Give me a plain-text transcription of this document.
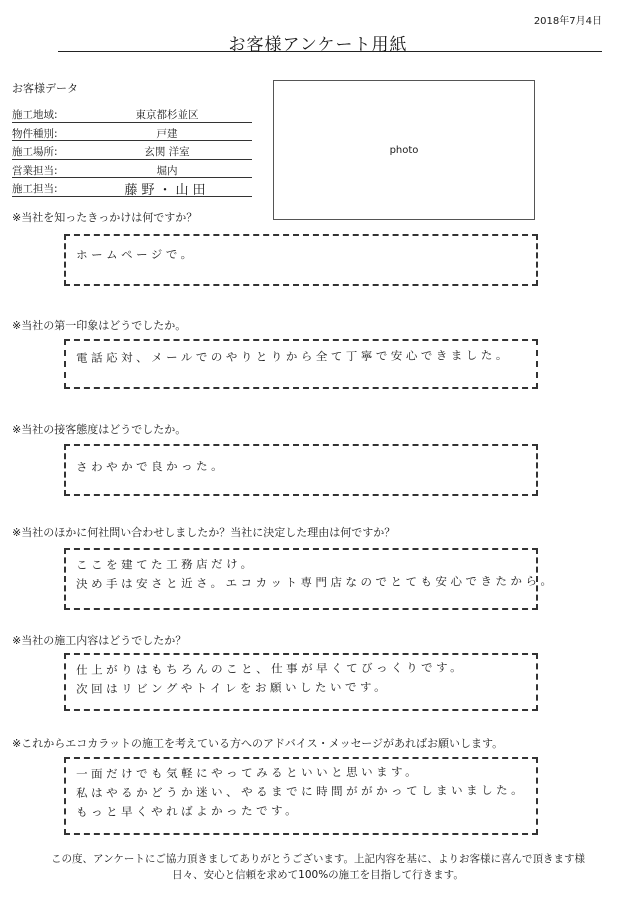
2018年7月4日
お客様アンケート用紙
お客様データ
施工地域:	東京都杉並区
物件種別:	戸建
施工場所:	玄関 洋室
営業担当:	堀内
施工担当:	藤野・山田
photo
※当社を知ったきっかけは何ですか？
ホームページで。
※当社の第一印象はどうでしたか。
電話応対、メールでのやりとりから全て丁寧で安心できました。
※当社の接客態度はどうでしたか。
さわやかで良かった。
※当社のほかに何社問い合わせしましたか？当社に決定した理由は何ですか？
ここを建てた工務店だけ。
決め手は安さと近さ。エコカット専門店なのでとても安心できたから。
※当社の施工内容はどうでしたか？
仕上がりはもちろんのこと、仕事が早くてびっくりです。
次回はリビングやトイレをお願いしたいです。
※これからエコカラットの施工を考えている方へのアドバイス・メッセージがあればお願いします。
一面だけでも気軽にやってみるといいと思います。
私はやるかどうか迷い、やるまでに時間ががかってしまいました。
もっと早くやればよかったです。
この度、アンケートにご協力頂きましてありがとうございます。上記内容を基に、よりお客様に喜んで頂きます様
日々、安心と信頼を求めて100%の施工を目指して行きます。
